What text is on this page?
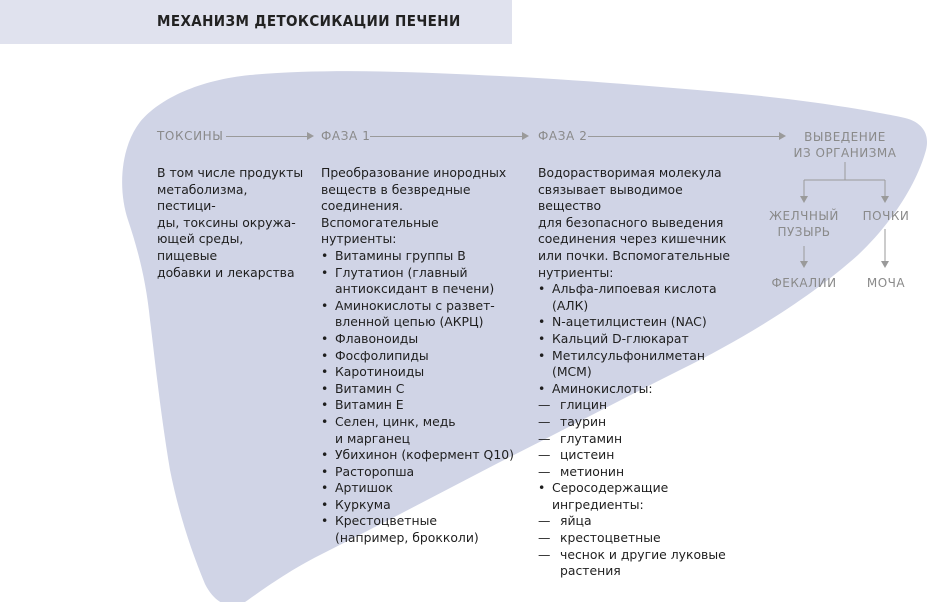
МЕХАНИЗМ ДЕТОКСИКАЦИИ ПЕЧЕНИ
ТОКСИНЫ	ФАЗА 1	ФАЗА 2	ВЫВЕДЕНИЕ
ИЗ ОРГАНИЗМА
ЖЕЛЧНЫЙ
ПУЗЫРЬ
ПОЧКИ
ФЕКАЛИИ	МОЧА
В том числе продукты
метаболизма, пестици-
ды, токсины окружа-
ющей среды, пищевые
добавки и лекарства
Преобразование инородных
веществ в безвредные
соединения. Вспомогательные
нутриенты:
• Витамины группы В
• Глутатион (главный
антиоксидант в печени)
• Аминокислоты с развет-
вленной цепью (АКРЦ)
• Флавоноиды
• Фосфолипиды
• Каротиноиды
• Витамин С
• Витамин Е
• Селен, цинк, медь
и марганец
• Убихинон (кофермент Q10)
• Расторопша
• Артишок
• Куркума
• Крестоцветные
(например, брокколи)
Водорастворимая молекула
связывает выводимое вещество
для безопасного выведения
соединения через кишечник
или почки. Вспомогательные
нутриенты:
• Альфа-липоевая кислота
(АЛК)
• N-ацетилцистеин (NAC)
• Кальций D-глюкарат
• Метилсульфонилметан
(MCM)
• Аминокислоты:
— глицин
— таурин
— глутамин
— цистеин
— метионин
• Серосодержащие
ингредиенты:
— яйца
— крестоцветные
— чеснок и другие луковые
растения
